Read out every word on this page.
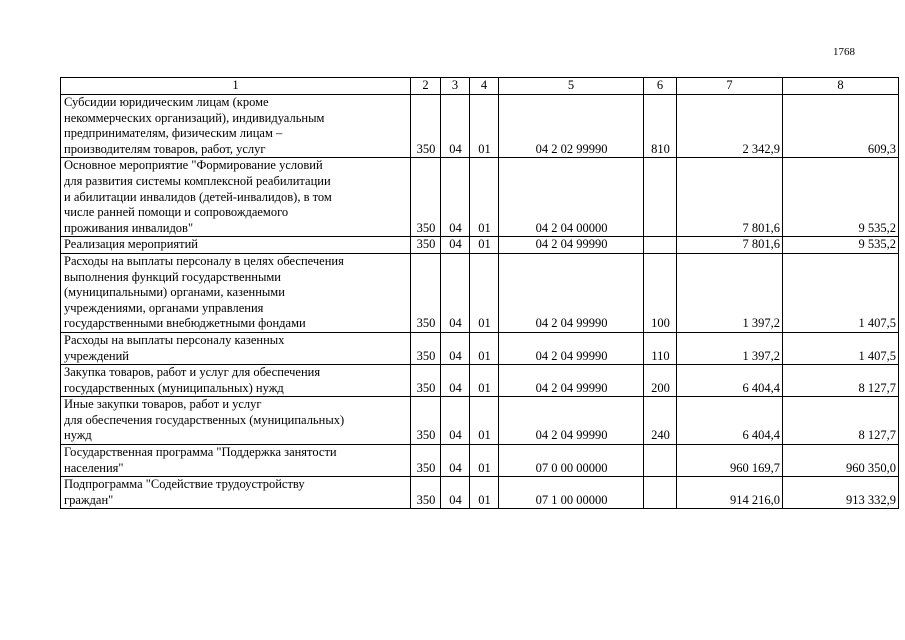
1768
1	2	3	4	5	6	7	8
Субсидии юридическим лицам (кроме
некоммерческих организаций), индивидуальным
предпринимателям, физическим лицам –
производителям товаров, работ, услуг	350	04	01	04 2 02 99990	810	2 342,9	609,3
Основное мероприятие "Формирование условий
для развития системы комплексной реабилитации
и абилитации инвалидов (детей-инвалидов), в том
числе ранней помощи и сопровождаемого
проживания инвалидов"	350	04	01	04 2 04 00000		7 801,6	9 535,2
Реализация мероприятий	350	04	01	04 2 04 99990		7 801,6	9 535,2
Расходы на выплаты персоналу в целях обеспечения
выполнения функций государственными
(муниципальными) органами, казенными
учреждениями, органами управления
государственными внебюджетными фондами	350	04	01	04 2 04 99990	100	1 397,2	1 407,5
Расходы на выплаты персоналу казенных
учреждений	350	04	01	04 2 04 99990	110	1 397,2	1 407,5
Закупка товаров, работ и услуг для обеспечения
государственных (муниципальных) нужд	350	04	01	04 2 04 99990	200	6 404,4	8 127,7
Иные закупки товаров, работ и услуг
для обеспечения государственных (муниципальных)
нужд	350	04	01	04 2 04 99990	240	6 404,4	8 127,7
Государственная программа "Поддержка занятости
населения"	350	04	01	07 0 00 00000		960 169,7	960 350,0
Подпрограмма "Содействие трудоустройству
граждан"	350	04	01	07 1 00 00000		914 216,0	913 332,9
